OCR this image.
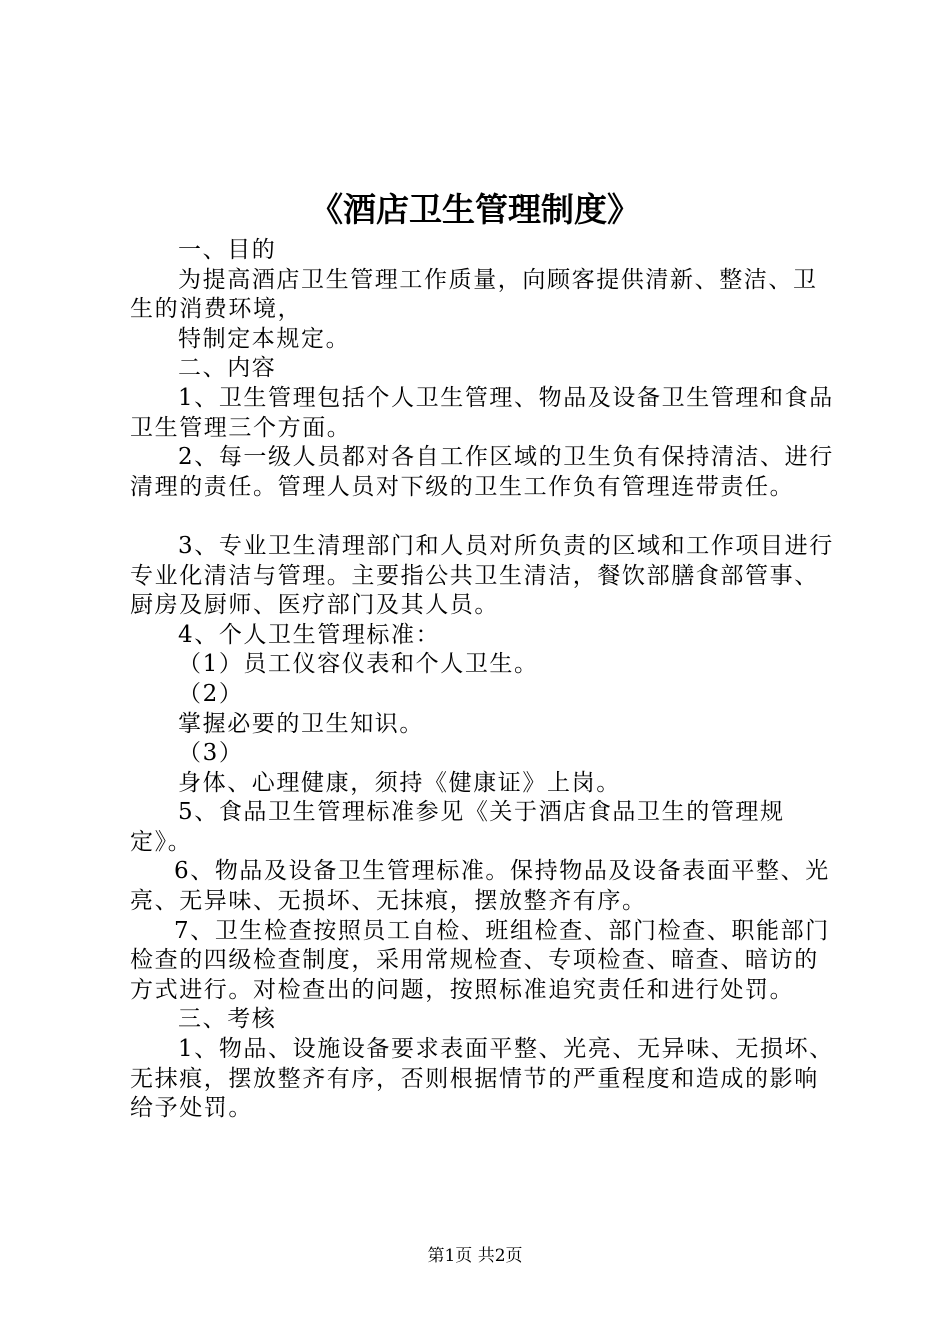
《酒店卫生管理制度》

一、目的

为提高酒店卫生管理工作质量，向顾客提供清新、整洁、卫生的消费环境，

特制定本规定。

二、内容

1、卫生管理包括个人卫生管理、物品及设备卫生管理和食品卫生管理三个方面。

2、每一级人员都对各自工作区域的卫生负有保持清洁、进行清理的责任。管理人员对下级的卫生工作负有管理连带责任。

3、专业卫生清理部门和人员对所负责的区域和工作项目进行专业化清洁与管理。主要指公共卫生清洁，餐饮部膳食部管事、厨房及厨师、医疗部门及其人员。

4、个人卫生管理标准：

（1）员工仪容仪表和个人卫生。

（2）

掌握必要的卫生知识。

（3）

身体、心理健康，须持《健康证》上岗。

5、食品卫生管理标准参见《关于酒店食品卫生的管理规定》。

6、物品及设备卫生管理标准。保持物品及设备表面平整、光亮、无异味、无损坏、无抹痕，摆放整齐有序。

7、卫生检查按照员工自检、班组检查、部门检查、职能部门检查的四级检查制度，采用常规检查、专项检查、暗查、暗访的方式进行。对检查出的问题，按照标准追究责任和进行处罚。

三、考核

1、物品、设施设备要求表面平整、光亮、无异味、无损坏、无抹痕，摆放整齐有序，否则根据情节的严重程度和造成的影响给予处罚。

第1页 共2页
